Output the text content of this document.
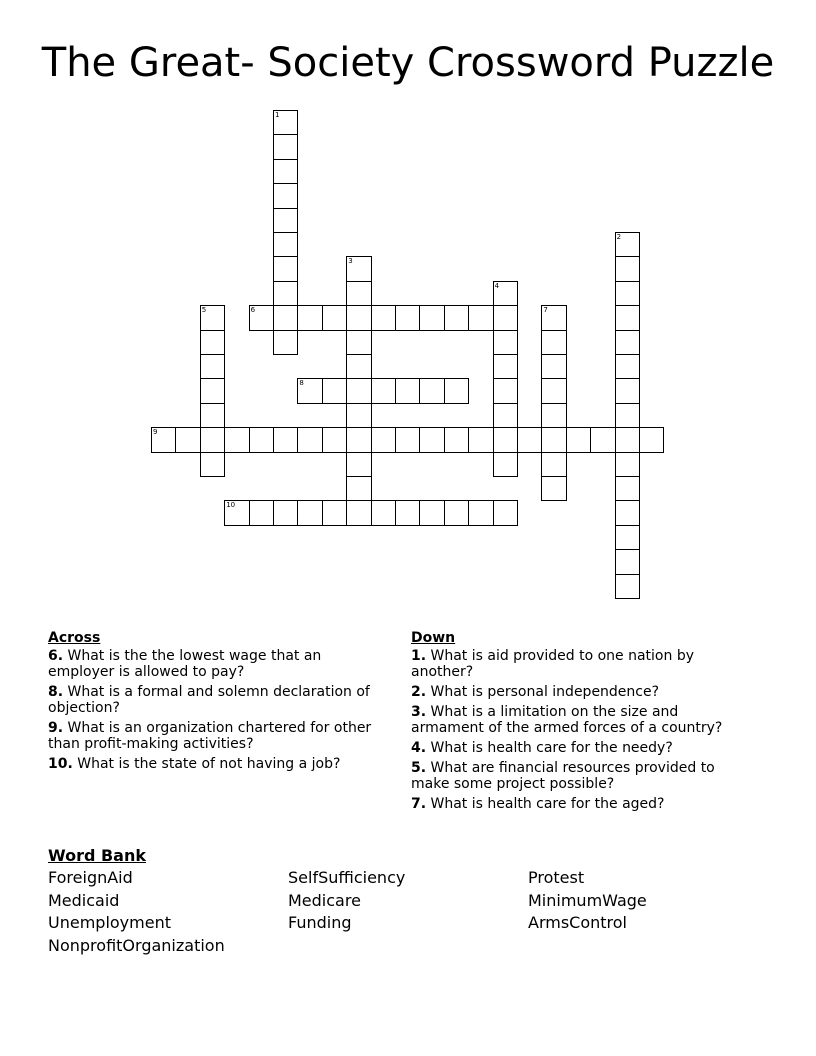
The Great- Society Crossword Puzzle
1
2
3
4
5	6	7
8
9
10
Across
6. What is the the lowest wage that an employer is allowed to pay?
8. What is a formal and solemn declaration of objection?
9. What is an organization chartered for other than profit-making activities?
10. What is the state of not having a job?
Down
1. What is aid provided to one nation by another?
2. What is personal independence?
3. What is a limitation on the size and armament of the armed forces of a country?
4. What is health care for the needy?
5. What are financial resources provided to make some project possible?
7. What is health care for the aged?
Word Bank
ForeignAid	SelfSufficiency	Protest
Medicaid	Medicare	MinimumWage
Unemployment	Funding	ArmsControl
NonprofitOrganization
